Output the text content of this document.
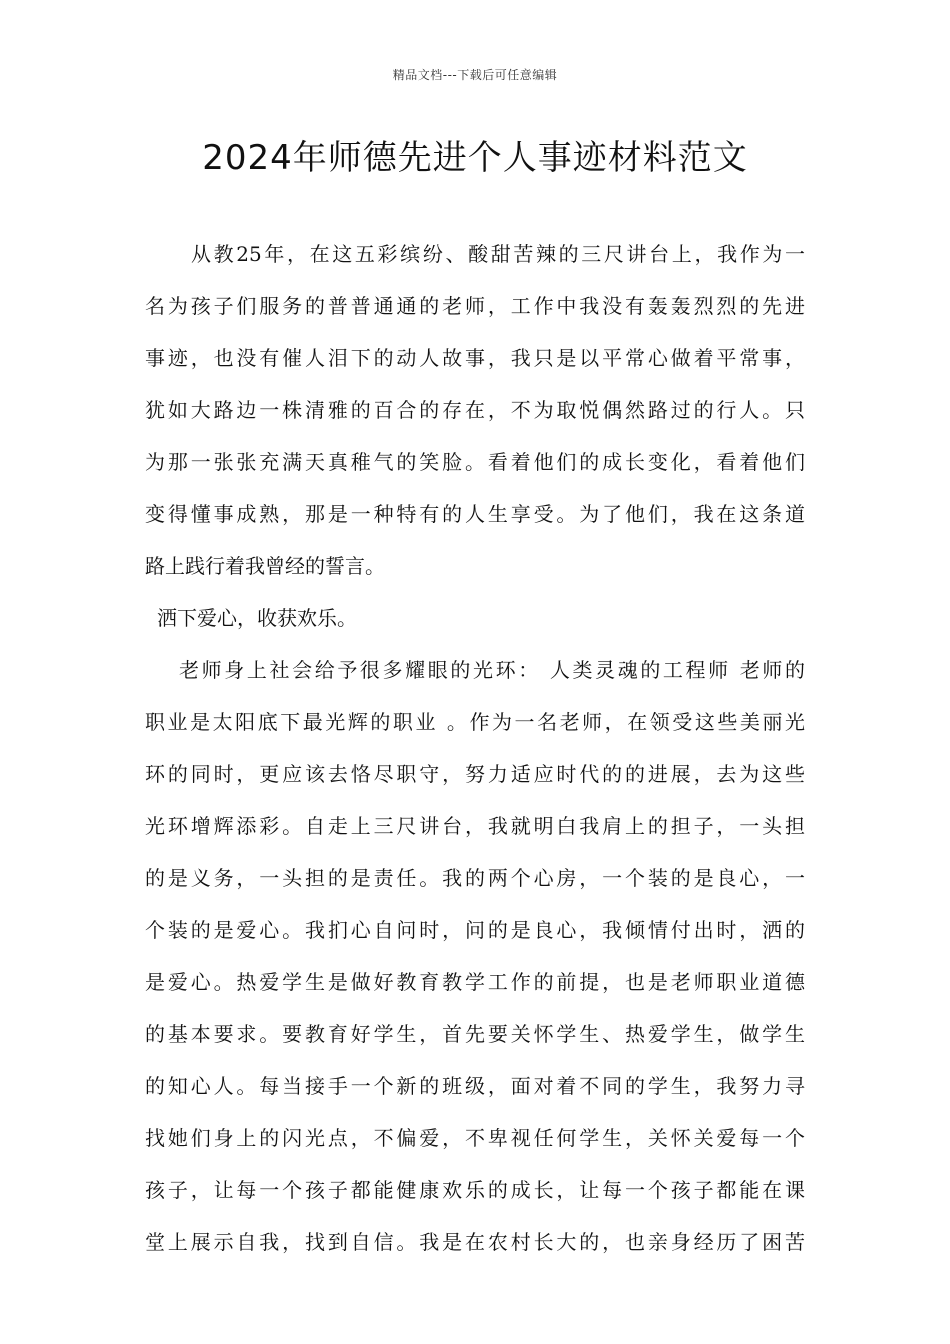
精品文档---下载后可任意编辑
2024年师德先进个人事迹材料范文
从教25年，在这五彩缤纷、酸甜苦辣的三尺讲台上，我作为一
名为孩子们服务的普普通通的老师，工作中我没有轰轰烈烈的先进
事迹，也没有催人泪下的动人故事，我只是以平常心做着平常事，
犹如大路边一株清雅的百合的存在，不为取悦偶然路过的行人。只
为那一张张充满天真稚气的笑脸。看着他们的成长变化，看着他们
变得懂事成熟，那是一种特有的人生享受。为了他们，我在这条道
路上践行着我曾经的誓言。
洒下爱心，收获欢乐。
老师身上社会给予很多耀眼的光环： 人类灵魂的工程师 老师的
职业是太阳底下最光辉的职业 。作为一名老师，在领受这些美丽光
环的同时，更应该去恪尽职守，努力适应时代的的进展，去为这些
光环增辉添彩。自走上三尺讲台，我就明白我肩上的担子，一头担
的是义务，一头担的是责任。我的两个心房，一个装的是良心，一
个装的是爱心。我扪心自问时，问的是良心，我倾情付出时，洒的
是爱心。热爱学生是做好教育教学工作的前提，也是老师职业道德
的基本要求。要教育好学生，首先要关怀学生、热爱学生，做学生
的知心人。每当接手一个新的班级，面对着不同的学生，我努力寻
找她们身上的闪光点，不偏爱，不卑视任何学生，关怀关爱每一个
孩子，让每一个孩子都能健康欢乐的成长，让每一个孩子都能在课
堂上展示自我，找到自信。我是在农村长大的，也亲身经历了困苦
